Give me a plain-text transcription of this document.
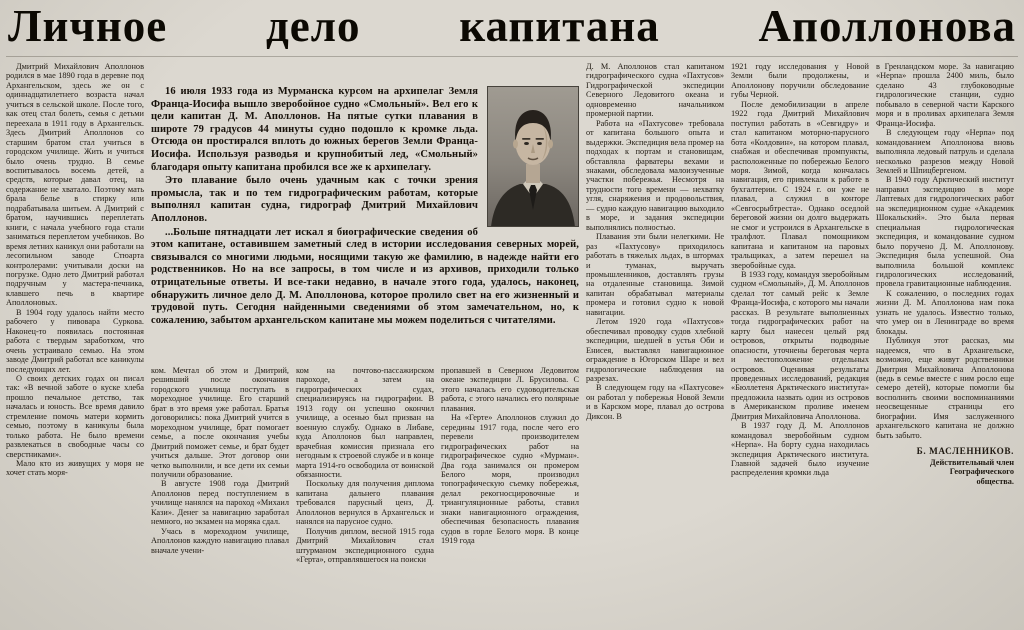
Личное дело капитана Аполлонова

Дмитрий Михайлович Аполлонов родился в мае 1890 года в деревне под Архангельском, здесь же он с одиннадцатилетнего возраста начал учиться в сельской школе. После того, как отец стал болеть, семья с детьми переехала в 1911 году в Архангельск. Здесь Дмитрий Аполлонов со старшим братом стал учиться в городском училище. Жить и учиться было очень трудно. В семье воспитывалось восемь детей, а средств, которые давал отец, на содержание не хватало. Поэтому мать брала белье в стирку или подрабатывала шитьем. А Дмитрий с братом, научившись переплетать книги, с начала учебного года стали заниматься переплетом учебников. Во время летних каникул они работали на лесопильном заводе Стюарта контролерами: учитывали доски на погрузке. Одно лето Дмитрий работал подручным у мастера-печника, клавшего печь в квартире Аполлоновых.

В 1904 году удалось найти место рабочего у пивовара Суркова. Наконец-то появилась постоянная работа с твердым заработком, что очень устраивало семью. На этом заводе Дмитрий работал все каникулы последующих лет.

О своих детских годах он писал так: «В вечной заботе о куске хлеба прошло печальное детство, так началась и юность. Все время давило стремление помочь матери кормить семью, поэтому в каникулы была только работа. Не было времени развлекаться в свободные часы со сверстниками».

Мало кто из живущих у моря не хочет стать моря-

16 июля 1933 года из Мурманска курсом на архипелаг Земля Франца-Иосифа вышло зверобойное судно «Смольный». Вел его к цели капитан Д. М. Аполлонов. На пятые сутки плавания в широте 79 градусов 44 минуты судно подошло к кромке льда. Отсюда он простирался вплоть до южных берегов Земли Франца-Иосифа. Используя разводья и крупнобитый лед, «Смольный» благодаря опыту капитана пробился все же к архипелагу.

Это плавание было очень удачным как с точки зрения промысла, так и по тем гидрографическим работам, которые выполнял капитан судна, гидрограф Дмитрий Михайлович Аполлонов.

...Больше пятнадцати лет искал я биографические сведения об этом капитане, оставившем заметный след в истории исследования северных морей, связывался со многими людьми, носящими такую же фамилию, в надежде найти его родственников. Но на все запросы, в том числе и из архивов, приходили только отрицательные ответы. И все-таки недавно, в начале этого года, удалось, наконец, обнаружить личное дело Д. М. Аполлонова, которое пролило свет на его жизненный и трудовой путь. Сегодня найденными сведениями об этом замечательном, но, к сожалению, забытом архангельском капитане мы можем поделиться с читателями.

ком. Мечтал об этом и Дмитрий, решивший после окончания городского училища поступать в мореходное училище. Его старший брат в это время уже работал. Братья договорились: пока Дмитрий учится в мореходном училище, брат помогает семье, а после окончания учебы Дмитрий поможет семье, и брат будет учиться дальше. Этот договор они четко выполнили, и все дети их семьи получили образование.

В августе 1908 года Дмитрий Аполлонов перед поступлением в училище нанялся на пароход «Михаил Кази». Денег за навигацию заработал немного, но экзамен на моряка сдал.

Учась в мореходном училище, Аполлонов каждую навигацию плавал вначале учени-

ком на почтово-пассажирском пароходе, а затем на гидрографических судах, специализируясь на гидрографии. В 1913 году он успешно окончил училище, а осенью был призван на военную службу. Однако в Либаве, куда Аполлонов был направлен, врачебная комиссия признала его негодным к строевой службе и в конце марта 1914-го освободила от воинской обязанности.

Поскольку для получения диплома капитана дальнего плавания требовался парусный ценз, Д. Аполлонов вернулся в Архангельск и нанялся на парусное судно.

Получив диплом, весной 1915 года Дмитрий Михайлович стал штурманом экспедиционного судна «Герта», отправлявшегося на поиски

пропавшей в Северном Ледовитом океане экспедиции Л. Брусилова. С этого началась его судоводительская работа, с этого начались его полярные плавания.

На «Герте» Аполлонов служил до середины 1917 года, после чего его перевели производителем гидрографических работ на гидрографическое судно «Мурман». Два года занимался он промером Белого моря, производил топографическую съемку побережья, делал рекогносцировочные и триангуляционные работы, ставил знаки навигационного ограждения, обеспечивая безопасность плавания судов в горле Белого моря. В конце 1919 года

Д. М. Аполлонов стал капитаном гидрографического судна «Пахтусов» Гидрографической экспедиции Северного Ледовитого океана и одновременно начальником промерной партии.

Работа на «Пахтусове» требовала от капитана большого опыта и выдержки. Экспедиция вела промер на подходах к портам и становищам, обставляла фарватеры вехами и знаками, обследовала малоизученные участки побережья. Несмотря на трудности того времени — нехватку угля, снаряжения и продовольствия, — судно каждую навигацию выходило в море, и задания экспедиции выполнялись полностью.

Плавания эти были нелегкими. Не раз «Пахтусову» приходилось работать в тяжелых льдах, в штормах и туманах, выручать промышленников, доставлять грузы на отдаленные становища. Зимой капитан обрабатывал материалы промера и готовил судно к новой навигации.

Летом 1920 года «Пахтусов» обеспечивал проводку судов хлебной экспедиции, шедшей в устья Оби и Енисея, выставлял навигационное ограждение в Югорском Шаре и вел гидрологические наблюдения на разрезах.

В следующем году на «Пахтусове» он работал у побережья Новой Земли и в Карском море, плавал до острова Диксон. В

1921 году исследования у Новой Земли были продолжены, и Аполлонову поручили обследование губы Черной.

После демобилизации в апреле 1922 года Дмитрий Михайлович поступил работать в «Севгидру» и стал капитаном моторно-парусного бота «Колдовин», на котором плавал, снабжая и обеспечивая промпункты, расположенные по побережью Белого моря. Зимой, когда кончалась навигация, его привлекали к работе в бухгалтерии. С 1924 г. он уже не плавал, а служил в конторе «Севгосрыбтреста». Однако оседлой береговой жизни он долго выдержать не смог и устроился в Архангельске в тралфлот. Плавал помощником капитана и капитаном на паровых тральщиках, а затем перешел на зверобойные суда.

В 1933 году, командуя зверобойным судном «Смольный», Д. М. Аполлонов сделал тот самый рейс к Земле Франца-Иосифа, с которого мы начали рассказ. В результате выполненных тогда гидрографических работ на карту был нанесен целый ряд островов, открыты подводные опасности, уточнены береговая черта и местоположение отдельных островов. Оценивая результаты проведенных исследований, редакция «Бюллетеня Арктического института» предложила назвать один из островов в Американском проливе именем Дмитрия Михайловича Аполлонова.

В 1937 году Д. М. Аполлонов командовал зверобойным судном «Нерпа». На борту судна находилась экспедиция Арктического института. Главной задачей было изучение распределения кромки льда

в Гренландском море. За навигацию «Нерпа» прошла 2400 миль, было сделано 43 глубоководные гидрологические станции, судно побывало в северной части Карского моря и в проливах архипелага Земля Франца-Иосифа.

В следующем году «Нерпа» под командованием Аполлонова вновь выполняла ледовый патруль и сделала несколько разрезов между Новой Землей и Шпицбергеном.

В 1940 году Арктический институт направил экспедицию в море Лаптевых для гидрологических работ на экспедиционном судне «Академик Шокальский». Это была первая специальная гидрологическая экспедиция, и командование судном было поручено Д. М. Аполлонову. Экспедиция была успешной. Она выполнила большой комплекс гидрологических исследований, провела гравитационные наблюдения.

К сожалению, о последних годах жизни Д. М. Аполлонова нам пока узнать не удалось. Известно только, что умер он в Ленинграде во время блокады.

Публикуя этот рассказ, мы надеемся, что в Архангельске, возможно, еще живут родственники Дмитрия Михайловича Аполлонова (ведь в семье вместе с ним росло еще семеро детей), которые помогли бы восполнить своими воспоминаниями неосвещенные страницы его биографии. Имя заслуженного архангельского капитана не должно быть забыто.

Б. МАСЛЕННИКОВ.
Действительный член Географического общества.
